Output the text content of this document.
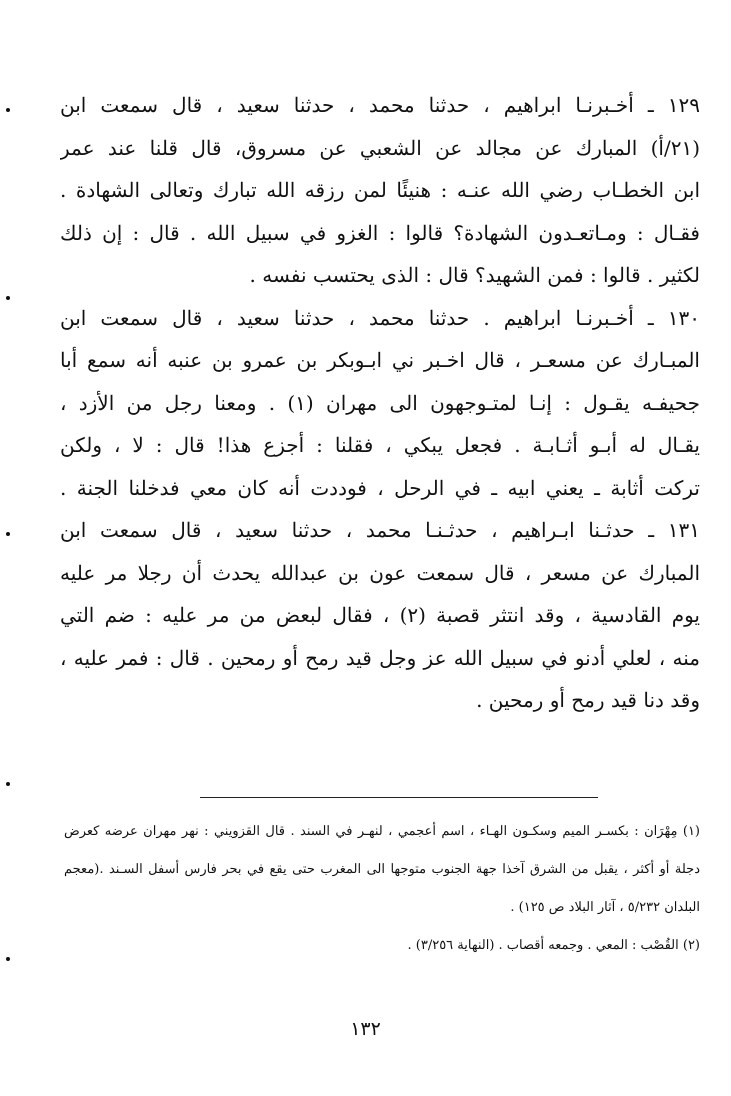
١٢٩ ـ أخـبرنـا ابراهيم ، حدثنا محمد ، حدثنا سعيد ، قال سمعت ابن
(٢١/أ) المبارك عن مجالد عن الشعبي عن مسروق، قال قلنا عند عمر
ابن الخطـاب رضي الله عنـه : هنيئًا لمن رزقه الله تبارك وتعالى الشهادة .
فقـال : ومـاتعـدون الشهادة؟ قالوا : الغزو في سبيل الله . قال : إن ذلك
لكثير . قالوا : فمن الشهيد؟ قال : الذى يحتسب نفسه .
١٣٠ ـ أخـبرنـا ابراهيم . حدثنا محمد ، حدثنا سعيد ، قال سمعت ابن
المبـارك عن مسعـر ، قال اخـبر ني ابـوبكر بن عمرو بن عنبه أنه سمع أبا
جحيفـه يقـول : إنـا لمتـوجهون الى مهران (١) . ومعنا رجل من الأزد ،
يقـال له أبـو أثـابـة . فجعل يبكي ، فقلنا : أجزع هذا! قال : لا ، ولكن
تركت أثابة ـ يعني ابيه ـ في الرحل ، فوددت أنه كان معي فدخلنا الجنة .
١٣١ ـ حدثـنا ابـراهيم ، حدثـنـا محمد ، حدثنا سعيد ، قال سمعت ابن
المبارك عن مسعر ، قال سمعت عون بن عبدالله يحدث أن رجلا مر عليه
يوم القادسية ، وقد انتثر قصبة (٢) ، فقال لبعض من مر عليه : ضم التي
منه ، لعلي أدنو في سبيل الله عز وجل قيد رمح أو رمحين . قال : فمر عليه ،
وقد دنا قيد رمح أو رمحين .
(١) مِهْرَان : بكسـر الميم وسكـون الهـاء ، اسم أعجمي ، لنهـر في السند . قال القزويني : نهر مهران عرضه كعرض
دجلة أو أكثر ، يقبل من الشرق آخذا جهة الجنوب متوجها الى المغرب حتى يقع في بحر فارس أسفل السـند .(معجم
البلدان ٥/٢٣٢ ، آثار البلاد ص ١٢٥) .
(٢) القُصْب : المعي . وجمعه أقصاب . (النهاية ٣/٢٥٦) .
١٣٢
